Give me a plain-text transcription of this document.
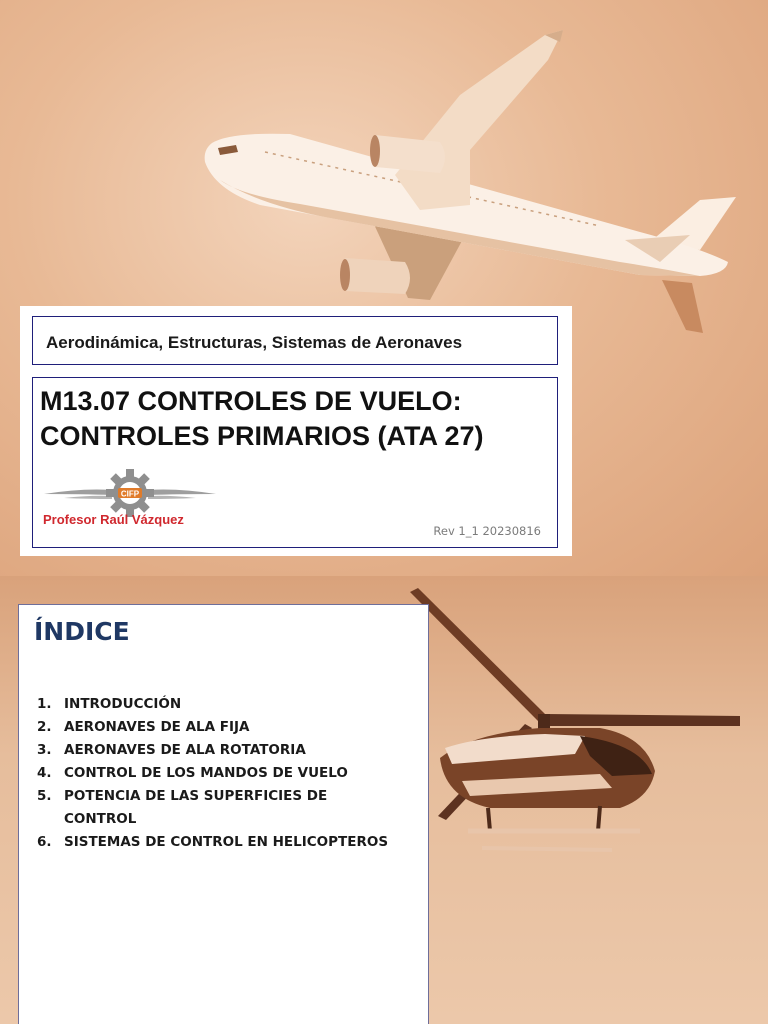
Aerodinámica, Estructuras, Sistemas de Aeronaves
M13.07 CONTROLES DE VUELO:
CONTROLES PRIMARIOS (ATA 27)
CIFP
Profesor Raúl Vázquez
Rev 1_1 20230816
ÍNDICE
1. INTRODUCCIÓN
2. AERONAVES DE ALA FIJA
3. AERONAVES DE ALA ROTATORIA
4. CONTROL DE LOS MANDOS DE VUELO
5. POTENCIA DE LAS SUPERFICIES DE CONTROL
6. SISTEMAS DE CONTROL EN HELICOPTEROS
